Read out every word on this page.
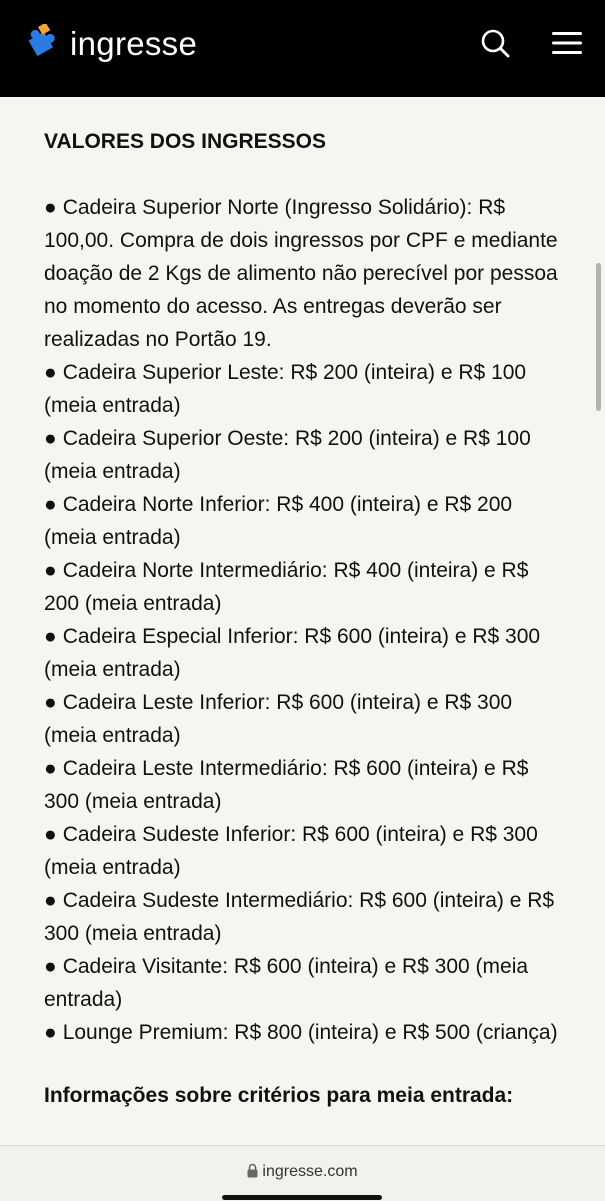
ingresse
VALORES DOS INGRESSOS
● Cadeira Superior Norte (Ingresso Solidário): R$ 100,00. Compra de dois ingressos por CPF e mediante doação de 2 Kgs de alimento não perecível por pessoa no momento do acesso. As entregas deverão ser realizadas no Portão 19.
● Cadeira Superior Leste: R$ 200 (inteira) e R$ 100 (meia entrada)
● Cadeira Superior Oeste: R$ 200 (inteira) e R$ 100 (meia entrada)
● Cadeira Norte Inferior: R$ 400 (inteira) e R$ 200 (meia entrada)
● Cadeira Norte Intermediário: R$ 400 (inteira) e R$ 200 (meia entrada)
● Cadeira Especial Inferior: R$ 600 (inteira) e R$ 300 (meia entrada)
● Cadeira Leste Inferior: R$ 600 (inteira) e R$ 300 (meia entrada)
● Cadeira Leste Intermediário: R$ 600 (inteira) e R$ 300 (meia entrada)
● Cadeira Sudeste Inferior: R$ 600 (inteira) e R$ 300 (meia entrada)
● Cadeira Sudeste Intermediário: R$ 600 (inteira) e R$ 300 (meia entrada)
● Cadeira Visitante: R$ 600 (inteira) e R$ 300 (meia entrada)
● Lounge Premium: R$ 800 (inteira) e R$ 500 (criança)
Informações sobre critérios para meia entrada:
ingresse.com
